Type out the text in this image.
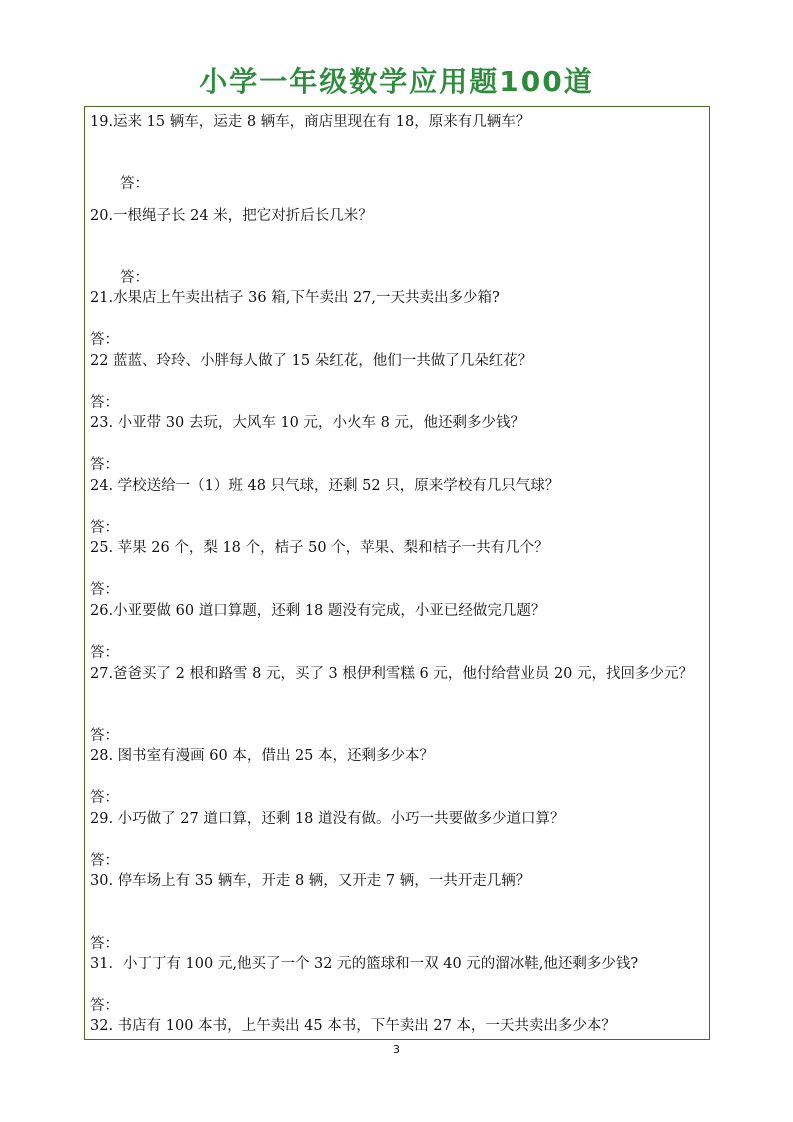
小学一年级数学应用题100道
19.运来 15 辆车，运走 8 辆车，商店里现在有 18，原来有几辆车？
答：
20.一根绳子长 24 米，把它对折后长几米？
答：
21.水果店上午卖出桔子 36 箱,下午卖出 27,一天共卖出多少箱?
答：
22 蓝蓝、玲玲、小胖每人做了 15 朵红花，他们一共做了几朵红花？
答：
23. 小亚带 30 去玩，大风车 10 元，小火车 8 元，他还剩多少钱？
答：
24. 学校送给一（1）班 48 只气球，还剩 52 只，原来学校有几只气球？
答：
25. 苹果 26 个，梨 18 个，桔子 50 个，苹果、梨和桔子一共有几个？
答：
26.小亚要做 60 道口算题，还剩 18 题没有完成，小亚已经做完几题？
答：
27.爸爸买了 2 根和路雪 8 元，买了 3 根伊利雪糕 6 元，他付给营业员 20 元，找回多少元？
答：
28. 图书室有漫画 60 本，借出 25 本，还剩多少本？
答：
29. 小巧做了 27 道口算，还剩 18 道没有做。小巧一共要做多少道口算？
答：
30. 停车场上有 35 辆车，开走 8 辆，又开走 7 辆，一共开走几辆？
答：
31．小丁丁有 100 元,他买了一个 32 元的篮球和一双 40 元的溜冰鞋,他还剩多少钱?
答：
32. 书店有 100 本书，上午卖出 45 本书，下午卖出 27 本，一天共卖出多少本？
3
